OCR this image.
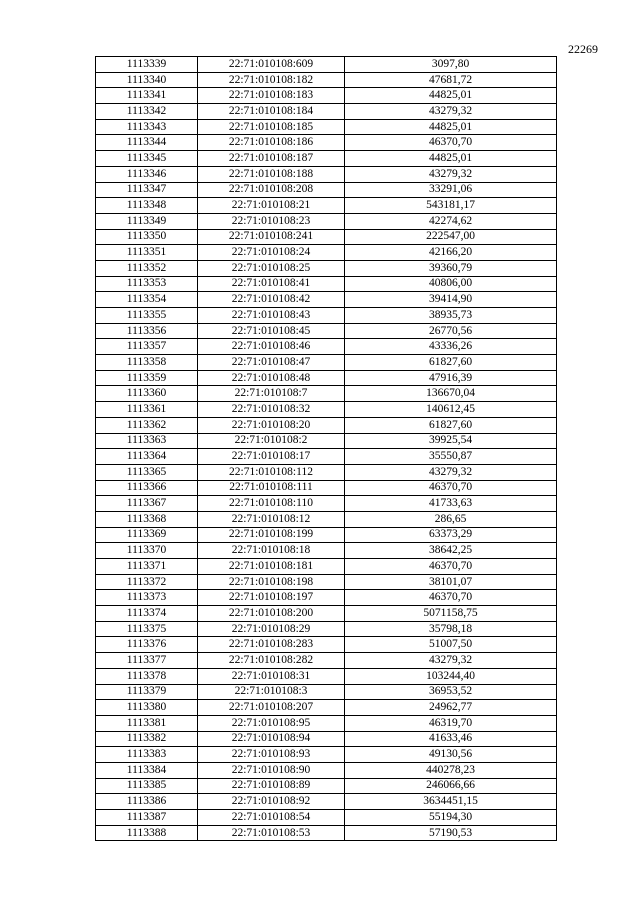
22269
1113339	22:71:010108:609	3097,80
1113340	22:71:010108:182	47681,72
1113341	22:71:010108:183	44825,01
1113342	22:71:010108:184	43279,32
1113343	22:71:010108:185	44825,01
1113344	22:71:010108:186	46370,70
1113345	22:71:010108:187	44825,01
1113346	22:71:010108:188	43279,32
1113347	22:71:010108:208	33291,06
1113348	22:71:010108:21	543181,17
1113349	22:71:010108:23	42274,62
1113350	22:71:010108:241	222547,00
1113351	22:71:010108:24	42166,20
1113352	22:71:010108:25	39360,79
1113353	22:71:010108:41	40806,00
1113354	22:71:010108:42	39414,90
1113355	22:71:010108:43	38935,73
1113356	22:71:010108:45	26770,56
1113357	22:71:010108:46	43336,26
1113358	22:71:010108:47	61827,60
1113359	22:71:010108:48	47916,39
1113360	22:71:010108:7	136670,04
1113361	22:71:010108:32	140612,45
1113362	22:71:010108:20	61827,60
1113363	22:71:010108:2	39925,54
1113364	22:71:010108:17	35550,87
1113365	22:71:010108:112	43279,32
1113366	22:71:010108:111	46370,70
1113367	22:71:010108:110	41733,63
1113368	22:71:010108:12	286,65
1113369	22:71:010108:199	63373,29
1113370	22:71:010108:18	38642,25
1113371	22:71:010108:181	46370,70
1113372	22:71:010108:198	38101,07
1113373	22:71:010108:197	46370,70
1113374	22:71:010108:200	5071158,75
1113375	22:71:010108:29	35798,18
1113376	22:71:010108:283	51007,50
1113377	22:71:010108:282	43279,32
1113378	22:71:010108:31	103244,40
1113379	22:71:010108:3	36953,52
1113380	22:71:010108:207	24962,77
1113381	22:71:010108:95	46319,70
1113382	22:71:010108:94	41633,46
1113383	22:71:010108:93	49130,56
1113384	22:71:010108:90	440278,23
1113385	22:71:010108:89	246066,66
1113386	22:71:010108:92	3634451,15
1113387	22:71:010108:54	55194,30
1113388	22:71:010108:53	57190,53
